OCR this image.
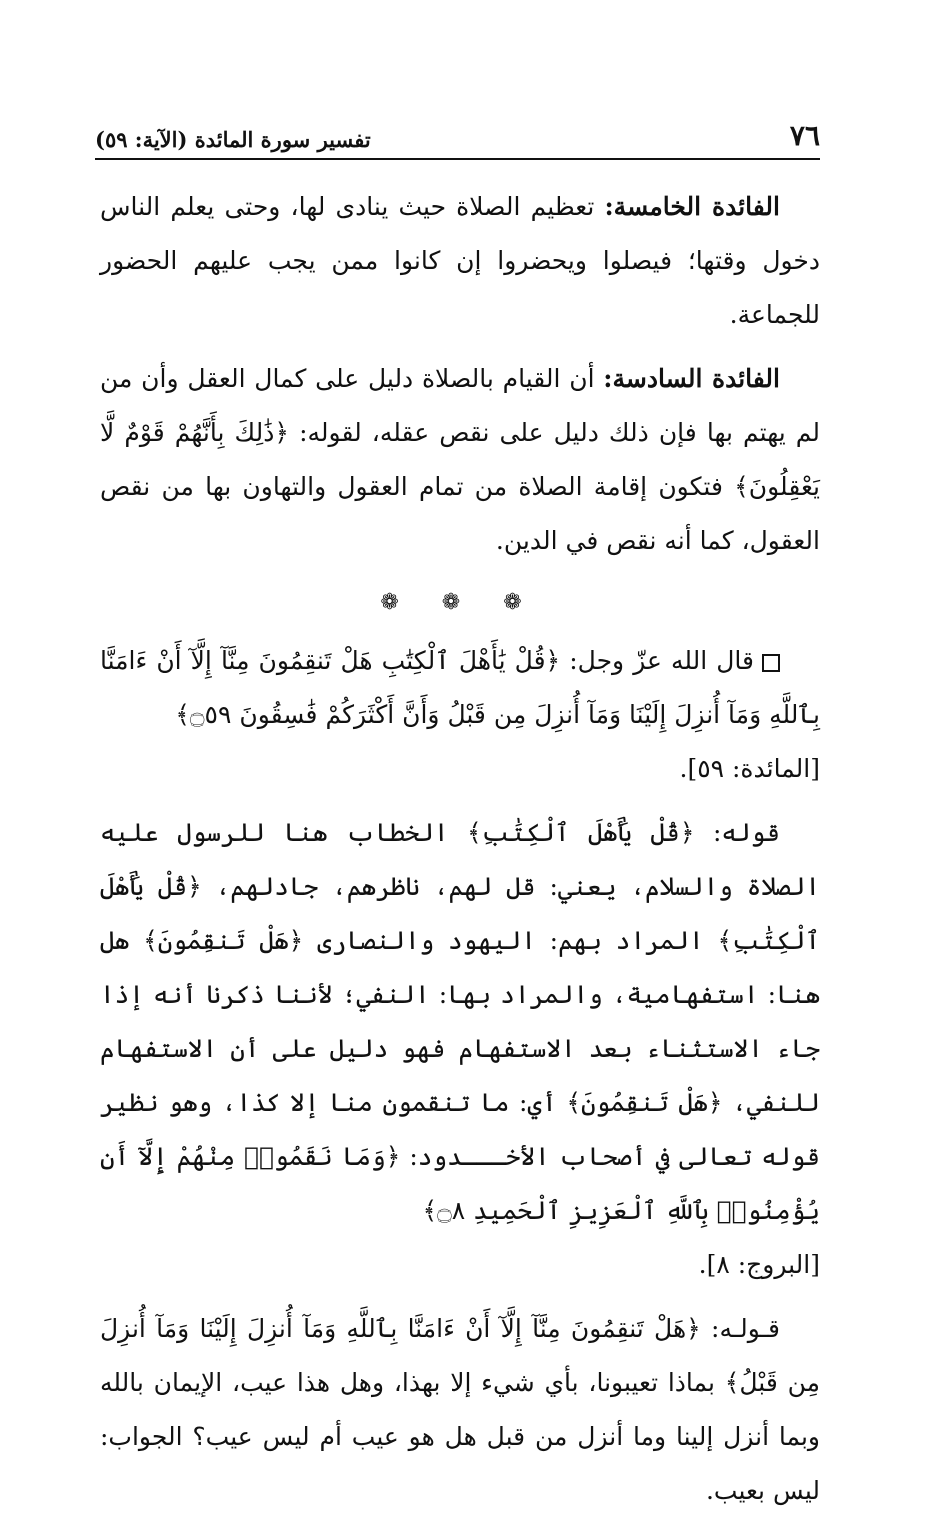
٧٦
تفسير سورة المائدة (الآية: ٥٩)

الفائدة الخامسة: تعظيم الصلاة حيث ينادى لها، وحتى يعلم الناس دخول وقتها؛ فيصلوا ويحضروا إن كانوا ممن يجب عليهم الحضور للجماعة.

الفائدة السادسة: أن القيام بالصلاة دليل على كمال العقل وأن من لم يهتم بها فإن ذلك دليل على نقص عقله، لقوله: ﴿ذَٰلِكَ بِأَنَّهُمْ قَوْمٌ لَّا يَعْقِلُونَ﴾ فتكون إقامة الصلاة من تمام العقول والتهاون بها من نقص العقول، كما أنه نقص في الدين.

❁ ❁ ❁

قال الله عزّ وجل: ﴿قُلْ يَٰأَهْلَ ٱلْكِتَٰبِ هَلْ تَنقِمُونَ مِنَّآ إِلَّآ أَنْ ءَامَنَّا بِٱللَّهِ وَمَآ أُنزِلَ إِلَيْنَا وَمَآ أُنزِلَ مِن قَبْلُ وَأَنَّ أَكْثَرَكُمْ فَٰسِقُونَ ۝٥٩﴾
[المائدة: ٥٩].

قوله: ﴿قُلْ يَٰأَهْلَ ٱلْكِتَٰبِ﴾ الخطاب هنا للرسول عليه الصلاة والسلام، يعني: قل لهم، ناظرهم، جادلهم، ﴿قُلْ يَٰأَهْلَ ٱلْكِتَٰبِ﴾ المراد بهم: اليهود والنصارى ﴿هَلْ تَنقِمُونَ﴾ هل هنا: استفهامية، والمراد بها: النفي؛ لأننا ذكرنا أنه إذا جاء الاستثناء بعد الاستفهام فهو دليل على أن الاستفهام للنفي، ﴿هَلْ تَنقِمُونَ﴾ أي: ما تنقمون منا إلا كذا، وهو نظير قوله تعالى في أصحاب الأخـــدود: ﴿وَمَا نَقَمُوا۟ مِنْهُمْ إِلَّآ أَن يُؤْمِنُوا۟ بِٱللَّهِ ٱلْعَزِيزِ ٱلْحَمِيدِ ۝٨﴾
[البروج: ٨].

قـولـه: ﴿هَلْ تَنقِمُونَ مِنَّآ إِلَّآ أَنْ ءَامَنَّا بِٱللَّهِ وَمَآ أُنزِلَ إِلَيْنَا وَمَآ أُنزِلَ مِن قَبْلُ﴾ بماذا تعيبونا، بأي شيء إلا بهذا، وهل هذا عيب، الإيمان بالله وبما أنزل إلينا وما أنزل من قبل هل هو عيب أم ليس عيب؟ الجواب: ليس بعيب.
